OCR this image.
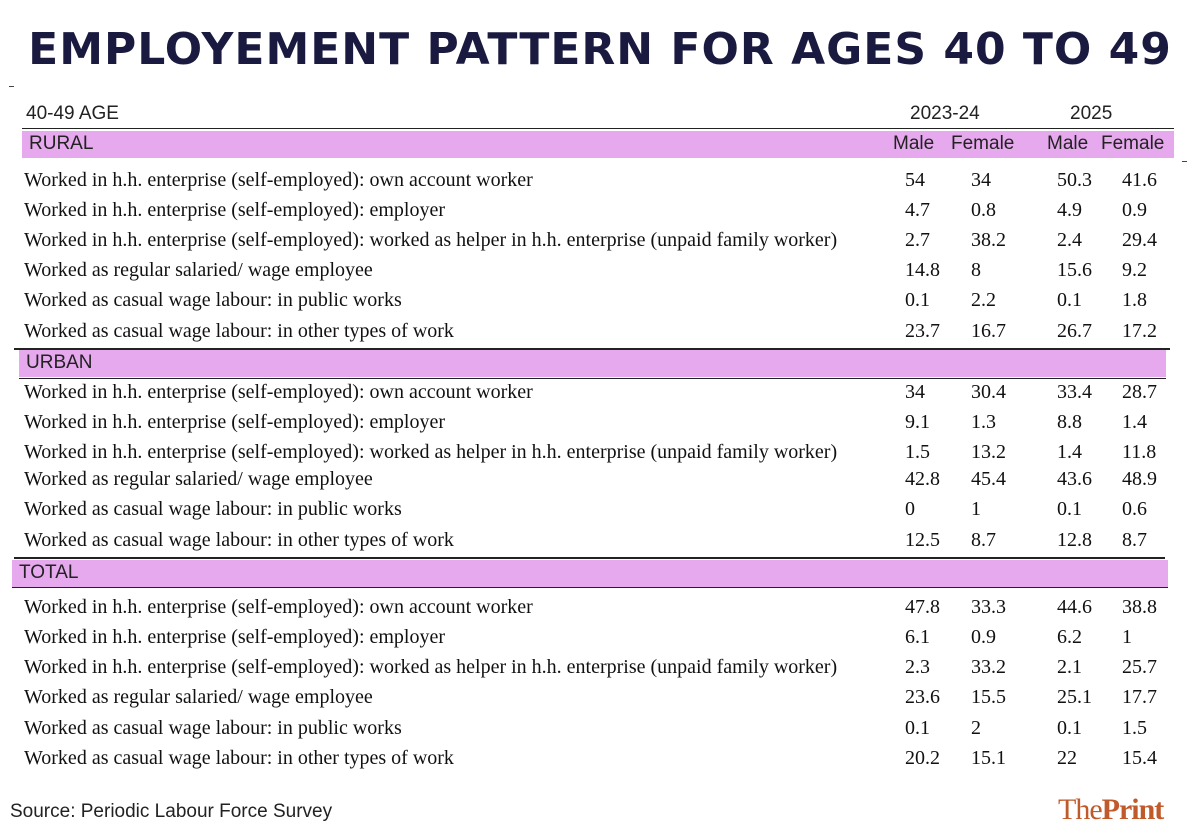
EMPLOYEMENT PATTERN FOR AGES 40 TO 49
40-49 AGE	2023-24	2025
RURAL	Male Female Male Female
Worked in h.h. enterprise (self-employed): own account worker	54 34	50.3 41.6
Worked in h.h. enterprise (self-employed): employer	4.7 0.8	4.9 0.9
Worked in h.h. enterprise (self-employed): worked as helper in h.h. enterprise (unpaid family worker)	2.7 38.2	2.4 29.4
Worked as regular salaried/ wage employee	14.8 8	15.6 9.2
Worked as casual wage labour: in public works	0.1 2.2	0.1 1.8
Worked as casual wage labour: in other types of work	23.7 16.7	26.7 17.2
URBAN
Worked in h.h. enterprise (self-employed): own account worker	34 30.4	33.4 28.7
Worked in h.h. enterprise (self-employed): employer	9.1 1.3	8.8 1.4
Worked in h.h. enterprise (self-employed): worked as helper in h.h. enterprise (unpaid family worker)	1.5 13.2	1.4 11.8
Worked as regular salaried/ wage employee	42.8 45.4	43.6 48.9
Worked as casual wage labour: in public works	0	1	0.1 0.6
Worked as casual wage labour: in other types of work	12.5 8.7	12.8 8.7
TOTAL
Worked in h.h. enterprise (self-employed): own account worker	47.8 33.3	44.6 38.8
Worked in h.h. enterprise (self-employed): employer	6.1 0.9	6.2 1
Worked in h.h. enterprise (self-employed): worked as helper in h.h. enterprise (unpaid family worker)	2.3 33.2	2.1 25.7
Worked as regular salaried/ wage employee	23.6 15.5	25.1 17.7
Worked as casual wage labour: in public works	0.1 2	0.1 1.5
Worked as casual wage labour: in other types of work	20.2 15.1	22 15.4
Source: Periodic Labour Force Survey	ThePrint
